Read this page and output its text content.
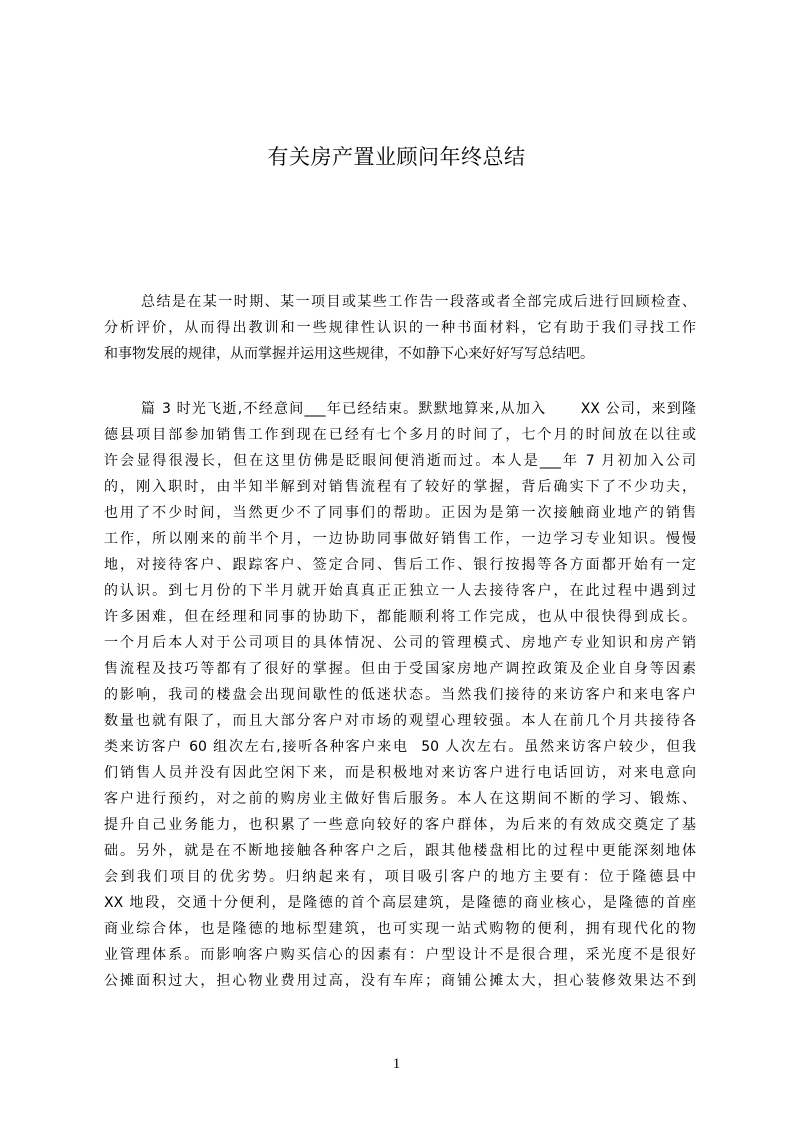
有关房产置业顾问年终总结
总结是在某一时期、某一项目或某些工作告一段落或者全部完成后进行回顾检查、
分析评价，从而得出教训和一些规律性认识的一种书面材料，它有助于我们寻找工作
和事物发展的规律，从而掌握并运用这些规律，不如静下心来好好写写总结吧。
篇 3 时光飞逝,不经意间___年已经结束。默默地算来,从加入      XX 公司，来到隆
德县项目部参加销售工作到现在已经有七个多月的时间了，七个月的时间放在以往或
许会显得很漫长，但在这里仿佛是眨眼间便消逝而过。本人是___年 7 月初加入公司
的，刚入职时，由半知半解到对销售流程有了较好的掌握，背后确实下了不少功夫，
也用了不少时间，当然更少不了同事们的帮助。正因为是第一次接触商业地产的销售
工作，所以刚来的前半个月，一边协助同事做好销售工作，一边学习专业知识。慢慢
地，对接待客户、跟踪客户、签定合同、售后工作、银行按揭等各方面都开始有一定
的认识。到七月份的下半月就开始真真正正独立一人去接待客户，在此过程中遇到过
许多困难，但在经理和同事的协助下，都能顺利将工作完成，也从中很快得到成长。
一个月后本人对于公司项目的具体情况、公司的管理模式、房地产专业知识和房产销
售流程及技巧等都有了很好的掌握。但由于受国家房地产调控政策及企业自身等因素
的影响，我司的楼盘会出现间歇性的低迷状态。当然我们接待的来访客户和来电客户
数量也就有限了，而且大部分客户对市场的观望心理较强。本人在前几个月共接待各
类来访客户 60 组次左右,接听各种客户来电  50 人次左右。虽然来访客户较少，但我
们销售人员并没有因此空闲下来，而是积极地对来访客户进行电话回访，对来电意向
客户进行预约，对之前的购房业主做好售后服务。本人在这期间不断的学习、锻炼、
提升自己业务能力，也积累了一些意向较好的客户群体，为后来的有效成交奠定了基
础。另外，就是在不断地接触各种客户之后，跟其他楼盘相比的过程中更能深刻地体
会到我们项目的优劣势。归纳起来有，项目吸引客户的地方主要有：位于隆德县中
XX 地段，交通十分便利，是隆德的首个高层建筑，是隆德的商业核心，是隆德的首座
商业综合体，也是隆德的地标型建筑，也可实现一站式购物的便利，拥有现代化的物
业管理体系。而影响客户购买信心的因素有：户型设计不是很合理，采光度不是很好
公摊面积过大，担心物业费用过高，没有车库；商铺公摊太大，担心装修效果达不到
1
